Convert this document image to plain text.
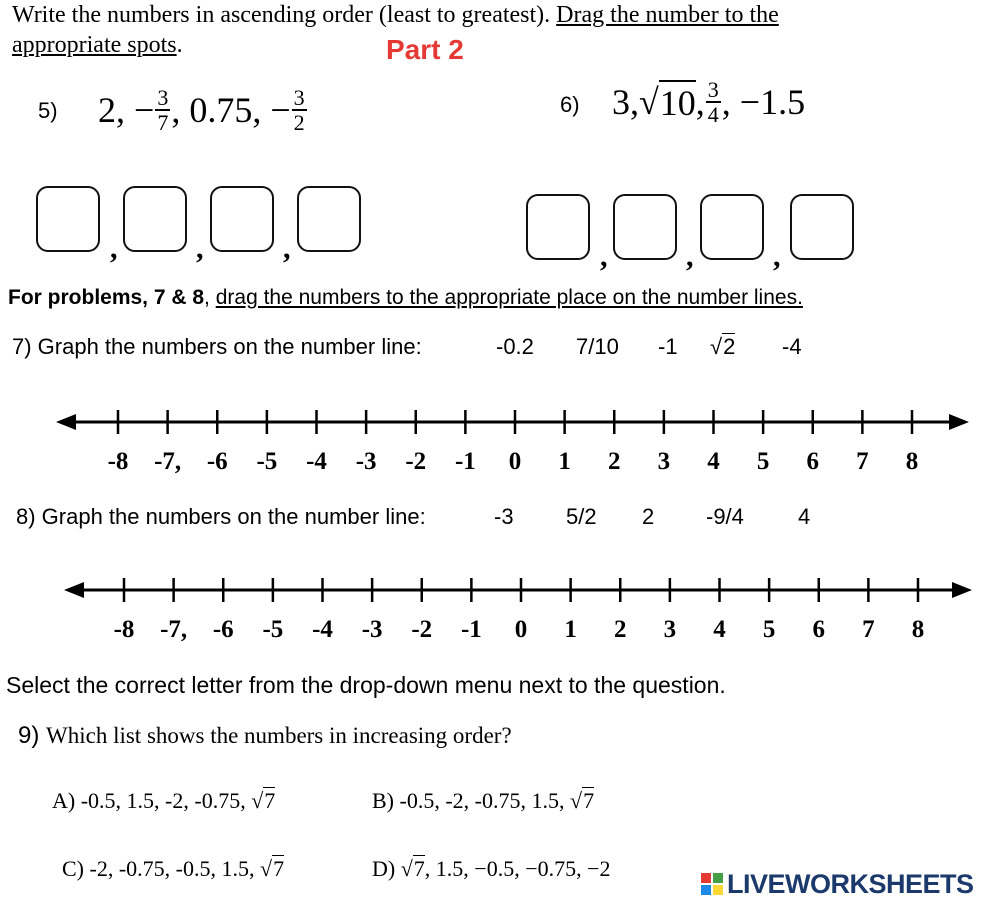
Write the numbers in ascending order (least to greatest). Drag the number to the
appropriate spots.	Part 2
5) 2, − $\frac{3}{7}$ , 0.75, − $\frac{3}{2}$	6) 3, √ 10 , $\frac{3}{4}$ , −1.5
,	,	,	,	,	,
For problems, 7 & 8, drag the numbers to the appropriate place on the number lines.
7) Graph the numbers on the number line:	-0.2 7/10 -1 √2 -4
-8	-7,	-6	-5	-4	-3	-2	-1	0	1	2	3	4	5	6	7	8
8) Graph the numbers on the number line:	-3 5/2 2 -9/4 4
-8	-7,	-6	-5	-4	-3	-2	-1	0	1	2	3	4	5	6	7	8
Select the correct letter from the drop-down menu next to the question.
9) Which list shows the numbers in increasing order?
A) -0.5, 1.5, -2, -0.75, √7	B) -0.5, -2, -0.75, 1.5, √7
C) -2, -0.75, -0.5, 1.5, √7	D) √7, 1.5, −0.5, −0.75, −2	LIVEWORKSHEETS
